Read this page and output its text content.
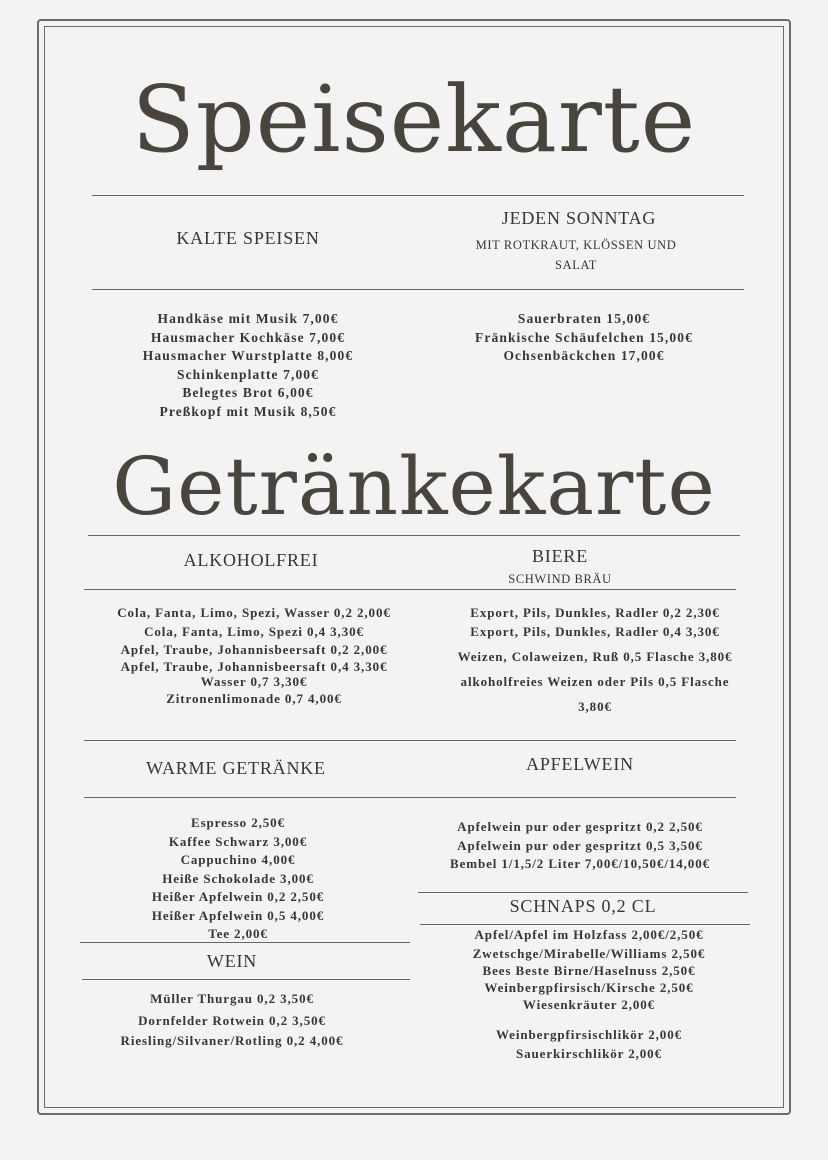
Speisekarte
KALTE SPEISEN
JEDEN SONNTAG
MIT ROTKRAUT, KLÖSSEN UND SALAT
Handkäse mit Musik 7,00€
Hausmacher Kochkäse 7,00€
Hausmacher Wurstplatte 8,00€
Schinkenplatte 7,00€
Belegtes Brot 6,00€
Preßkopf mit Musik 8,50€
Sauerbraten 15,00€
Fränkische Schäufelchen 15,00€
Ochsenbäckchen 17,00€
Getränkekarte
ALKOHOLFREI	BIERE
SCHWIND BRÄU
Cola, Fanta, Limo, Spezi, Wasser 0,2 2,00€
Cola, Fanta, Limo, Spezi 0,4 3,30€
Apfel, Traube, Johannisbeersaft 0,2 2,00€
Apfel, Traube, Johannisbeersaft 0,4 3,30€
Wasser 0,7 3,30€
Zitronenlimonade 0,7 4,00€
Export, Pils, Dunkles, Radler 0,2 2,30€
Export, Pils, Dunkles, Radler 0,4 3,30€
Weizen, Colaweizen, Ruß 0,5 Flasche 3,80€
alkoholfreies Weizen oder Pils 0,5 Flasche 3,80€
WARME GETRÄNKE	APFELWEIN
Espresso 2,50€
Kaffee Schwarz 3,00€
Cappuchino 4,00€
Heiße Schokolade 3,00€
Heißer Apfelwein 0,2 2,50€
Heißer Apfelwein 0,5 4,00€
Tee 2,00€
Apfelwein pur oder gespritzt 0,2 2,50€
Apfelwein pur oder gespritzt 0,5 3,50€
Bembel 1/1,5/2 Liter 7,00€/10,50€/14,00€
SCHNAPS 0,2 CL
WEIN
Müller Thurgau 0,2 3,50€
Dornfelder Rotwein 0,2 3,50€
Riesling/Silvaner/Rotling 0,2 4,00€
Apfel/Apfel im Holzfass 2,00€/2,50€
Zwetschge/Mirabelle/Williams 2,50€
Bees Beste Birne/Haselnuss 2,50€
Weinbergpfirsisch/Kirsche 2,50€
Wiesenkräuter 2,00€
Weinbergpfirsischlikör 2,00€
Sauerkirschlikör 2,00€
